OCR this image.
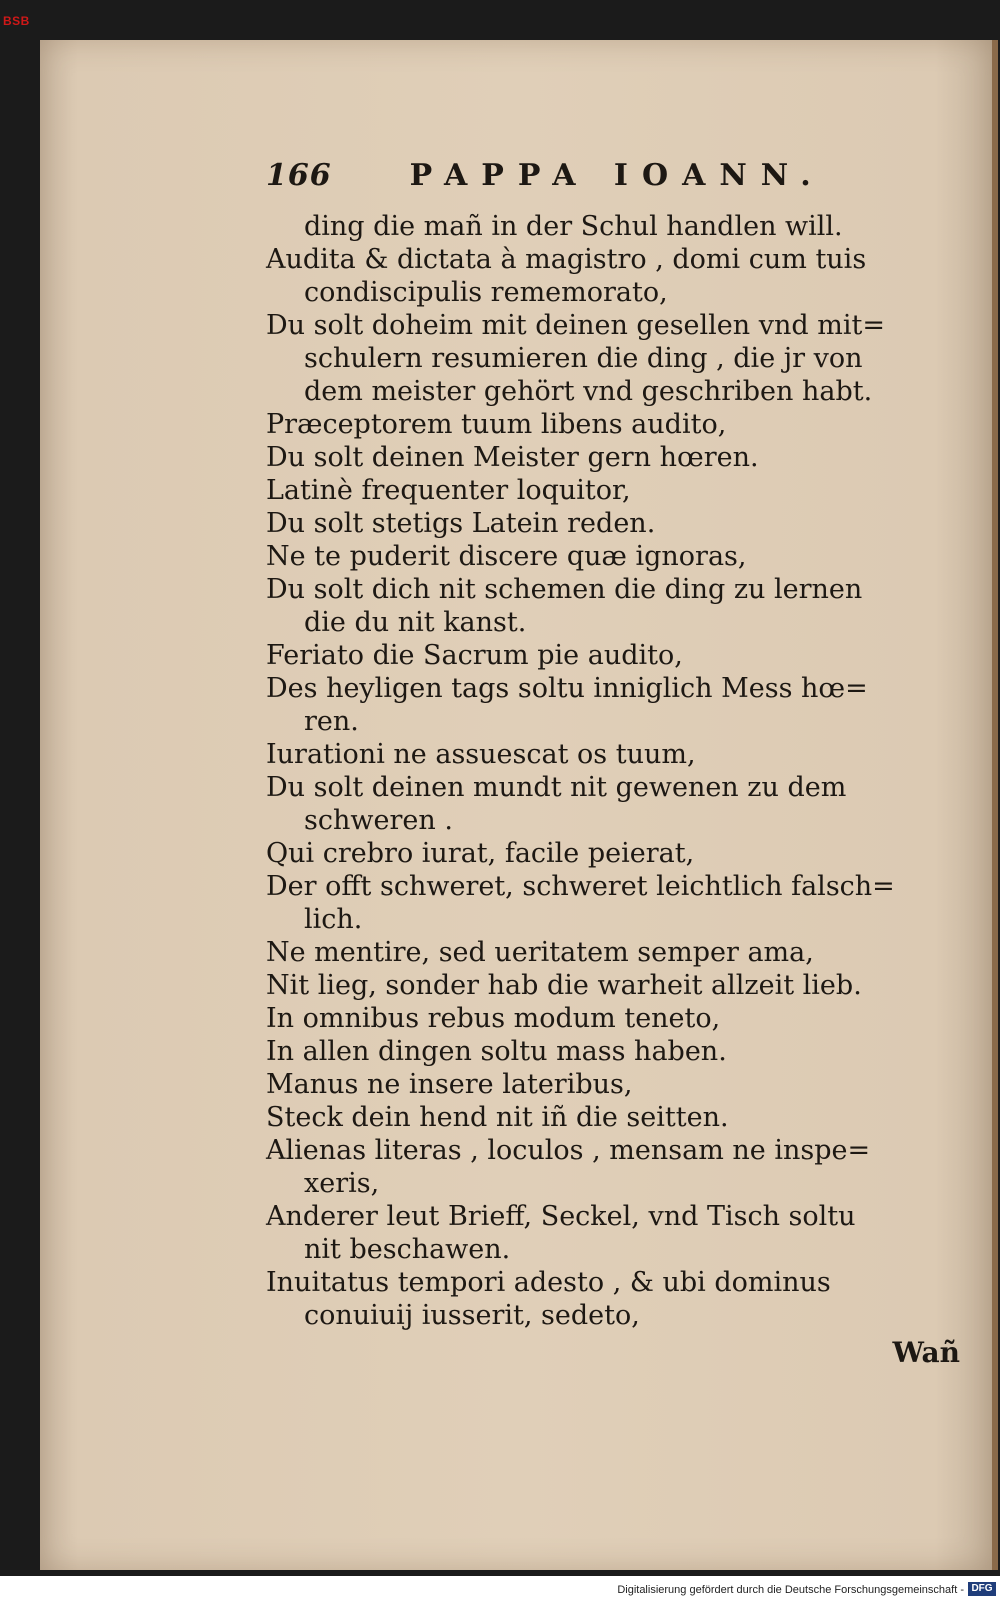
BSB
166	PAPPA IOANN.
ding die mañ in der Schul handlen will.
Audita & dictata à magistro , domi cum tuis
condiscipulis rememorato,
Du solt doheim mit deinen gesellen vnd mit=
schulern resumieren die ding , die jr von
dem meister gehört vnd geschriben habt.
Præceptorem tuum libens audito,
Du solt deinen Meister gern hœren.
Latinè frequenter loquitor,
Du solt stetigs Latein reden.
Ne te puderit discere quæ ignoras,
Du solt dich nit schemen die ding zu lernen
die du nit kanst.
Feriato die Sacrum pie audito,
Des heyligen tags soltu inniglich Mess hœ=
ren.
Iurationi ne assuescat os tuum,
Du solt deinen mundt nit gewenen zu dem
schweren .
Qui crebro iurat, facile peierat,
Der offt schweret, schweret leichtlich falsch=
lich.
Ne mentire, sed ueritatem semper ama,
Nit lieg, sonder hab die warheit allzeit lieb.
In omnibus rebus modum teneto,
In allen dingen soltu mass haben.
Manus ne insere lateribus,
Steck dein hend nit iñ die seitten.
Alienas literas , loculos , mensam ne inspe=
xeris,
Anderer leut Brieff, Seckel, vnd Tisch soltu
nit beschawen.
Inuitatus tempori adesto , & ubi dominus
conuiuij iusserit, sedeto,
Wañ
Digitalisierung gefördert durch die Deutsche Forschungsgemeinschaft - DFG
